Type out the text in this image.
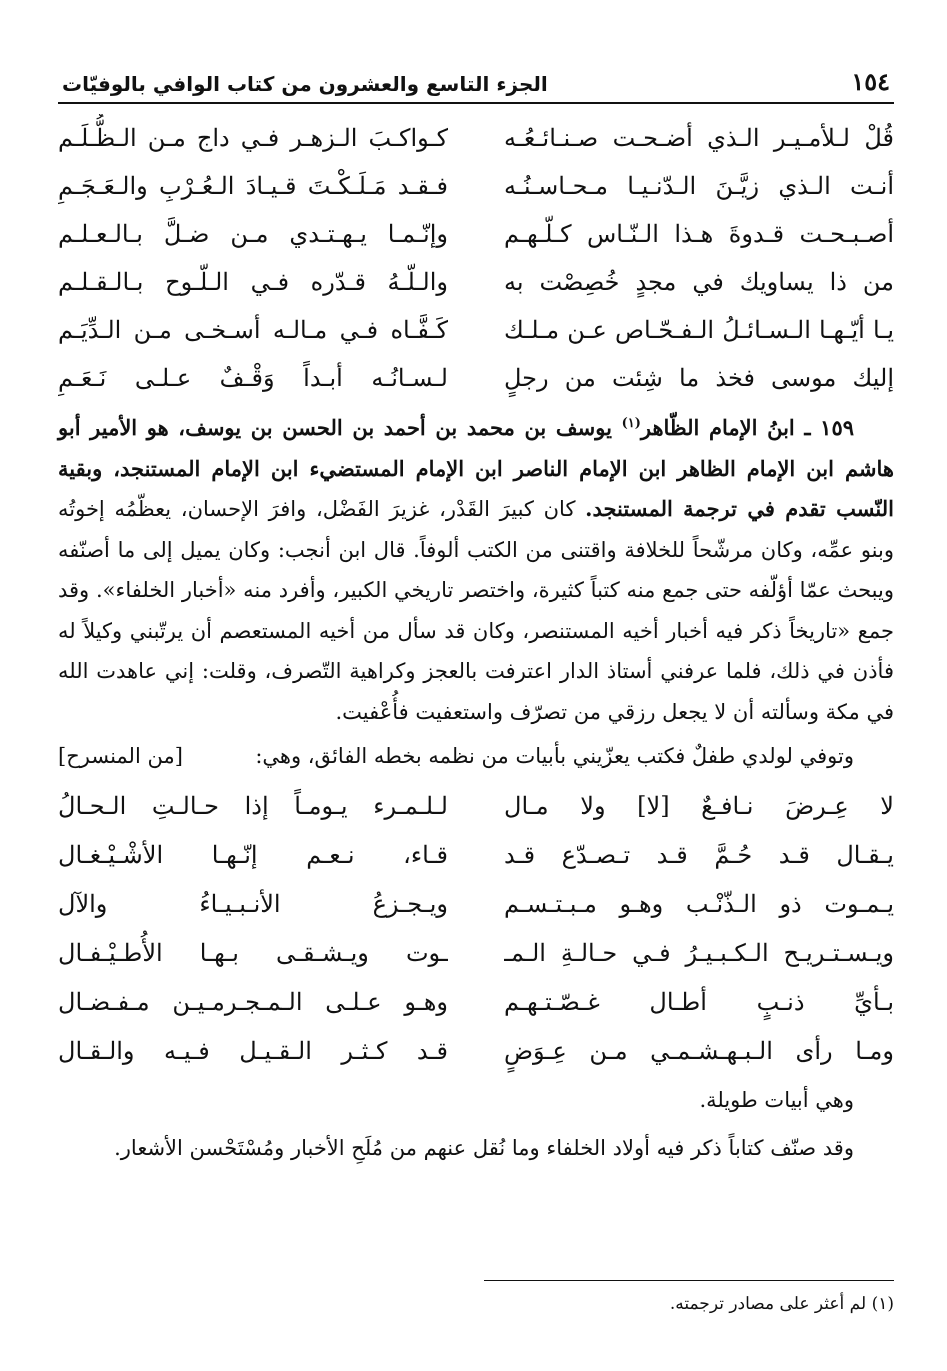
١٥٤
الجزء التاسع والعشرون من كتاب الوافي بالوفيّات
قُلْ لـلأمـيـر الـذي أضـحـت صـنـائـعُـه
كـواكـبَ الـزهـر فـي داج مـن الـظُّـلَـم
أنـت الـذي زيَّـنَ الـدّنـيـا مـحـاسـنُـه
فـقـد مَـلَـكْـتَ قـيـادَ الـعُـرْبِ والـعَـجَـمِ
أصـبـحـت قـدوةَ هـذا الـنّـاس كـلّـهـم
وإنّـمـا يـهـتـدي مـن ضـلَّ بـالـعـلـم
من ذا يساويك في مجدٍ خُصِصْت به
والـلّـهُ قـدّره فـي الـلّـوح بـالـقـلـم
يـا أيّـهـا الـسـائـلُ الـفـحّـاص عـن مـلـك
كَـفَّـاه فـي مـالـه أسـخـى مـن الـدِّيَـم
إليك موسى فخذ ما شِئت من رجلٍ
لـسـانُـه أبـداً وَقْـفٌ عـلـى نَـعَـمِ

١٥٩ ـ ابنُ الإمام الظّاهر$^{(١)}$ يوسف بن محمد بن أحمد بن الحسن بن يوسف، هو الأمير أبو هاشم ابن الإمام الظاهر ابن الإمام الناصر ابن الإمام المستضيء ابن الإمام المستنجد، وبقية النّسب تقدم في ترجمة المستنجد. كان كبيرَ القَدْر، غزيرَ الفَضْل، وافرَ الإحسان، يعظّمُه إخوتُه وبنو عمِّه، وكان مرشّحاً للخلافة واقتنى من الكتب ألوفاً. قال ابن أنجب: وكان يميل إلى ما أصنّفه ويبحث عمّا أؤلّفه حتى جمع منه كتباً كثيرة، واختصر تاريخي الكبير، وأفرد منه «أخبار الخلفاء». وقد جمع «تاريخاً ذكر فيه أخبار أخيه المستنصر، وكان قد سأل من أخيه المستعصم أن يرتّبني وكيلاً له فأذن في ذلك، فلما عرفني أستاذ الدار اعترفت بالعجز وكراهية التّصرف، وقلت: إني عاهدت الله في مكة وسألته أن لا يجعل رزقي من تصرّف واستعفيت فأُعْفيت.

وتوفي لولدي طفلٌ فكتب يعزّيني بأبيات من نظمه بخطه الفائق، وهي:
[من المنسرح]
لا عِـرضَ نـافـعٌ [لا] ولا مـال
لـلـمـرء يـومـاً إذا حـالـتِ الـحـالُ
يـقـال قـد حُـمَّ قـد تـصـدّع قـد
قـاء، نـعـم إنّـهـا الأشْـيْـغـال
يـمـوت ذو الـذّنْـب وهـو مـبـتـسـم
ويـجـزعُ الأنـبـيـاءُ والآل
ويـسـتـريـح الـكـبـيـرُ فـي حـالـةِ الـمـ
ـوت ويـشـقـى بـهـا الأُطـيْـفـال
بـأيِّ ذنـبٍ أطـال غـصّـتـهـم
وهـو عـلـى الـمـجـرمـيـن مـفـضـال
ومـا رأى الـبـهـشـمـي مـن عِـوَضٍ
قـد كـثـر الـقـيـل فـيـه والـقـال
وهي أبيات طويلة.

وقد صنّف كتاباً ذكر فيه أولاد الخلفاء وما نُقل عنهم من مُلَحِ الأخبار ومُسْتَحْسن الأشعار.

(١) لم أعثر على مصادر ترجمته.
